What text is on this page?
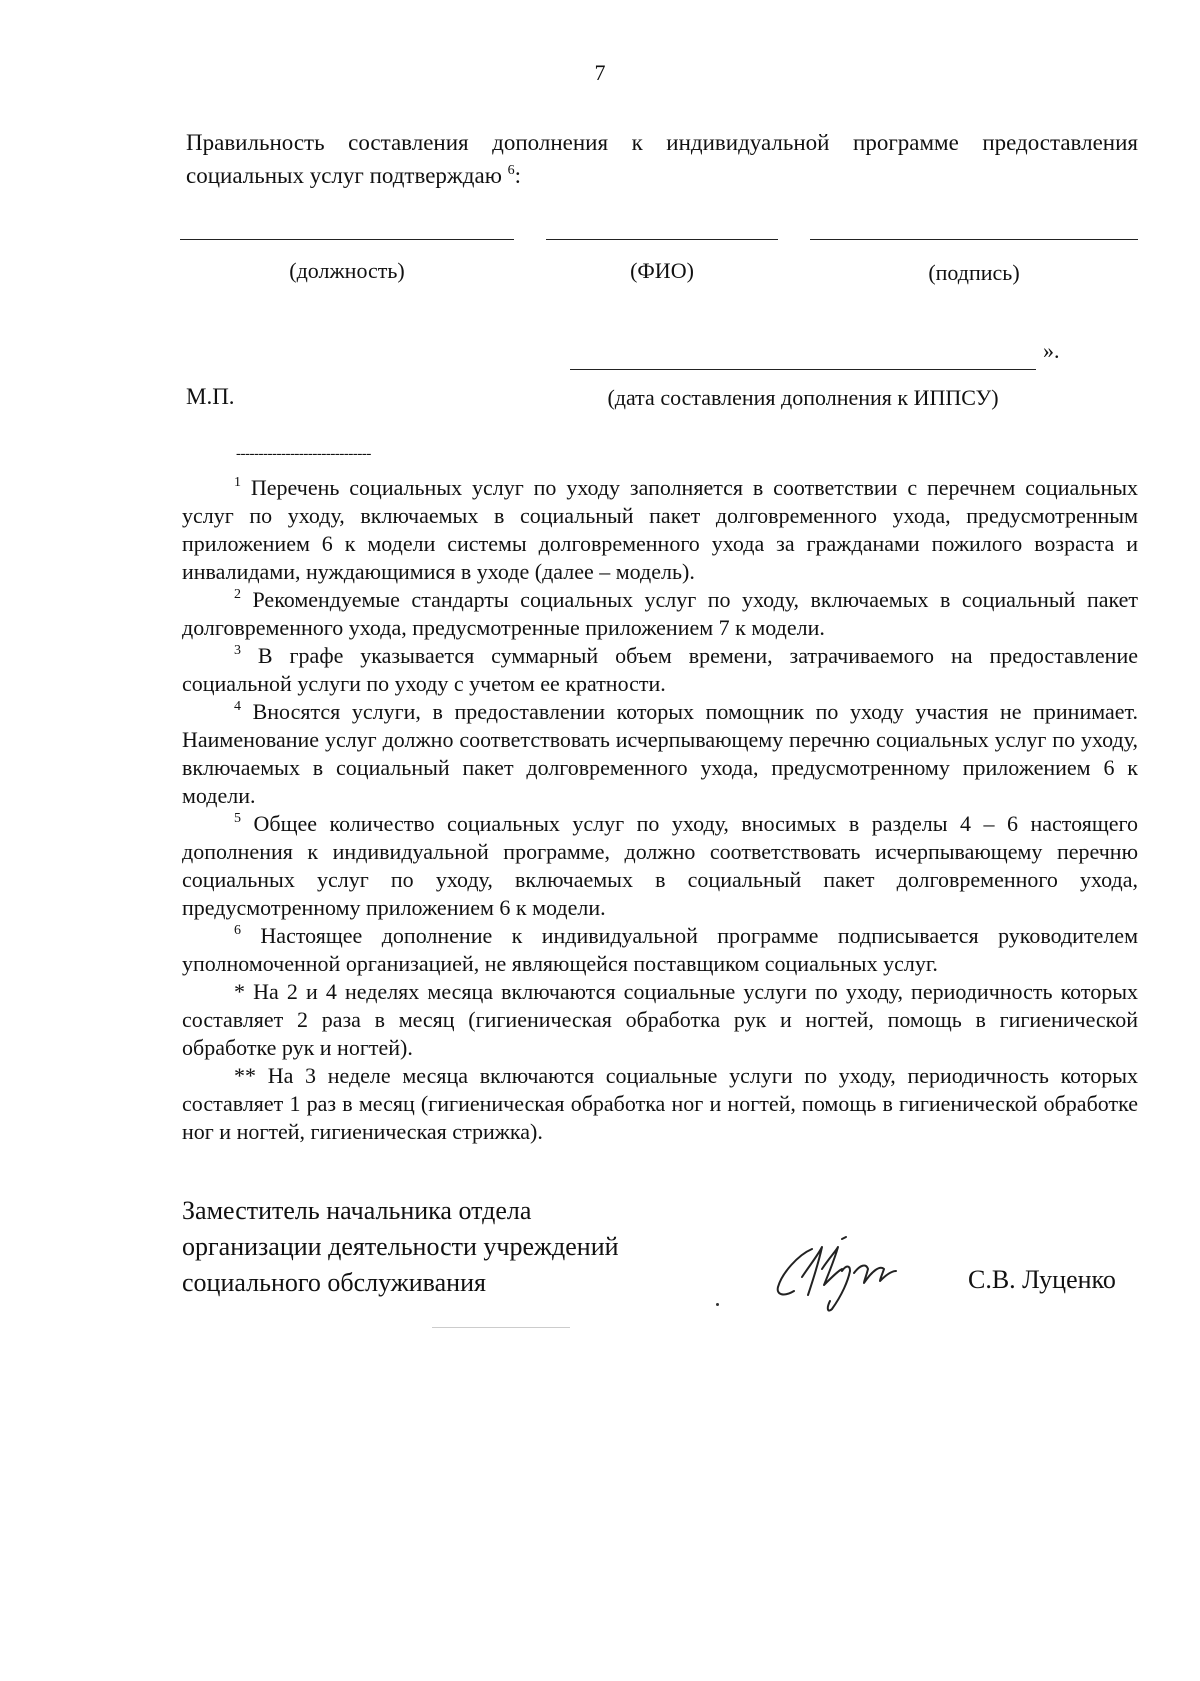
7
Правильность составления дополнения к индивидуальной программе предоставления социальных услуг подтверждаю $^6$:
(должность)	(ФИО)	(подпись)
».
М.П.	(дата составления дополнения к ИППСУ)
------------------------------

$^1$ Перечень социальных услуг по уходу заполняется в соответствии с перечнем социальных услуг по уходу, включаемых в социальный пакет долговременного ухода, предусмотренным приложением 6 к модели системы долговременного ухода за гражданами пожилого возраста и инвалидами, нуждающимися в уходе (далее – модель).

$^2$ Рекомендуемые стандарты социальных услуг по уходу, включаемых в социальный пакет долговременного ухода, предусмотренные приложением 7 к модели.

$^3$ В графе указывается суммарный объем времени, затрачиваемого на предоставление социальной услуги по уходу с учетом ее кратности.

$^4$ Вносятся услуги, в предоставлении которых помощник по уходу участия не принимает. Наименование услуг должно соответствовать исчерпывающему перечню социальных услуг по уходу, включаемых в социальный пакет долговременного ухода, предусмотренному приложением 6 к модели.

$^5$ Общее количество социальных услуг по уходу, вносимых в разделы 4 – 6 настоящего дополнения к индивидуальной программе, должно соответствовать исчерпывающему перечню социальных услуг по уходу, включаемых в социальный пакет долговременного ухода, предусмотренному приложением 6 к модели.

$^6$ Настоящее дополнение к индивидуальной программе подписывается руководителем уполномоченной организацией, не являющейся поставщиком социальных услуг.

* На 2 и 4 неделях месяца включаются социальные услуги по уходу, периодичность которых составляет 2 раза в месяц (гигиеническая обработка рук и ногтей, помощь в гигиенической обработке рук и ногтей).

** На 3 неделе месяца включаются социальные услуги по уходу, периодичность которых составляет 1 раз в месяц (гигиеническая обработка ног и ногтей, помощь в гигиенической обработке ног и ногтей, гигиеническая стрижка).

Заместитель начальника отдела
организации деятельности учреждений
социального обслуживания	С.В. Луценко
